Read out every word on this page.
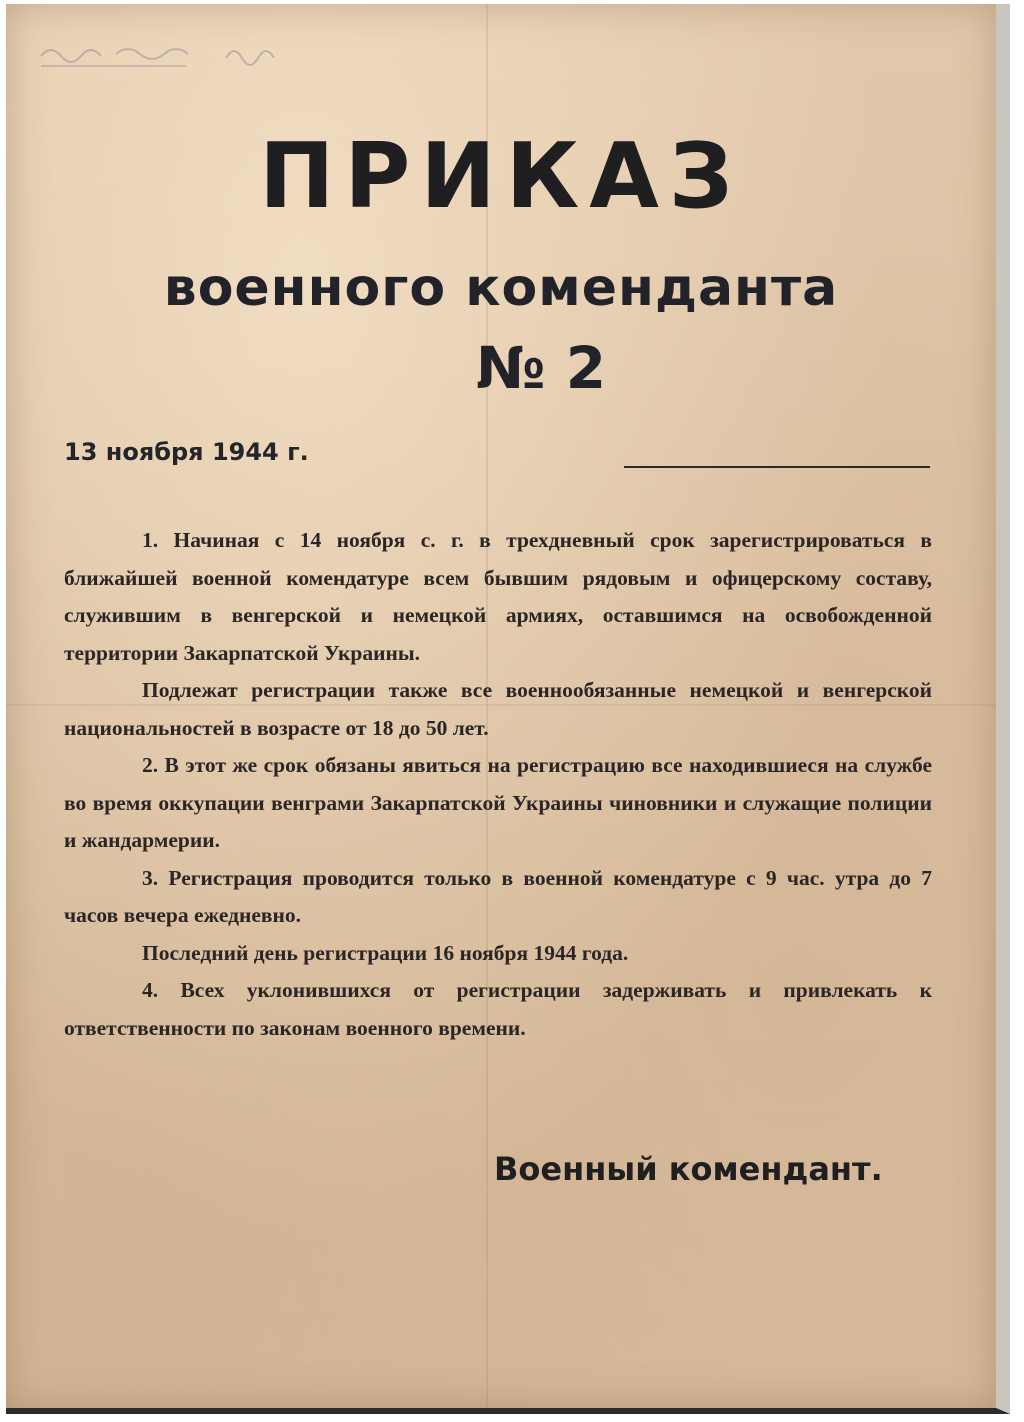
ПРИКАЗ
военного коменданта
№ 2
13 ноября 1944 г.

1. Начиная с 14 ноября с. г. в трехдневный срок зарегистрироваться в ближайшей военной комендатуре всем бывшим рядовым и офицерскому составу, служившим в венгерской и немецкой армиях, оставшимся на освобожденной территории Закарпатской Украины.

Подлежат регистрации также все военнообязанные немецкой и венгерской национальностей в возрасте от 18 до 50 лет.

2. В этот же срок обязаны явиться на регистрацию все находившиеся на службе во время оккупации венграми Закарпатской Украины чиновники и служащие полиции и жандармерии.

3. Регистрация проводится только в военной комендатуре с 9 час. утра до 7 часов вечера ежедневно.

Последний день регистрации 16 ноября 1944 года.

4. Всех уклонившихся от регистрации задерживать и привлекать к ответственности по законам военного времени.

Военный комендант.
